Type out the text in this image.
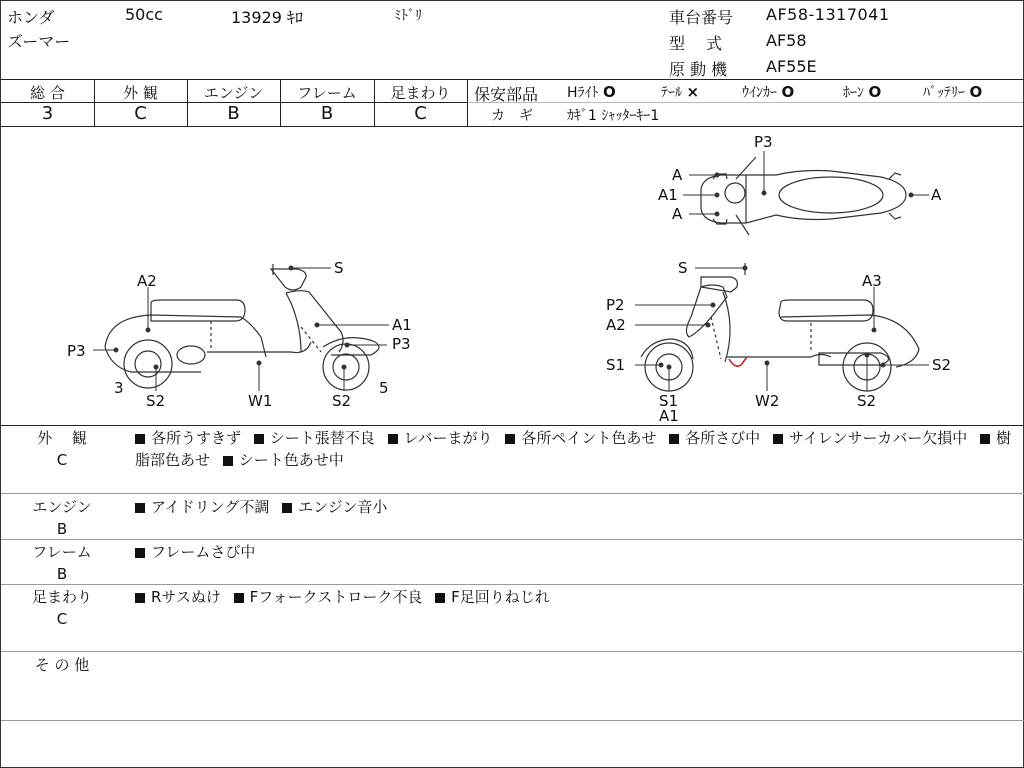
ホンダ	50cc	13929 ｷﾛ	ﾐﾄﾞﾘ
ズーマー
車台番号 AF58-1317041
型　 式	AF58
原 動 機 AF55E
総 合	外 観	エンジン	フレーム	足まわり
3	C	B	B	C
保安部品 Hﾗｲﾄ O	ﾃｰﾙ ×	ｳｲﾝｶｰ O	ﾎｰﾝ O	ﾊﾞｯﾃﾘｰ O
カ　ギ ｶｷﾞ1 ｼｬｯﾀｰｷｰ1
A2
S
A1
P3
P3
3
S2	W1	S2
5
S
A3
P2
A2
S1
S1
A1
W2	S2
S2
P3
A
A1
A
A
外　 観
C
各所うすきず シート張替不良 レバーまがり 各所ペイント色あせ 各所さび中 サイレンサーカバー欠損中 樹脂部色あせ シート色あせ中
エンジン
B
アイドリング不調 エンジン音小
フレーム
B
フレームさび中
足まわり
C
Rサスぬけ Fフォークストローク不良 F足回りねじれ
そ の 他
